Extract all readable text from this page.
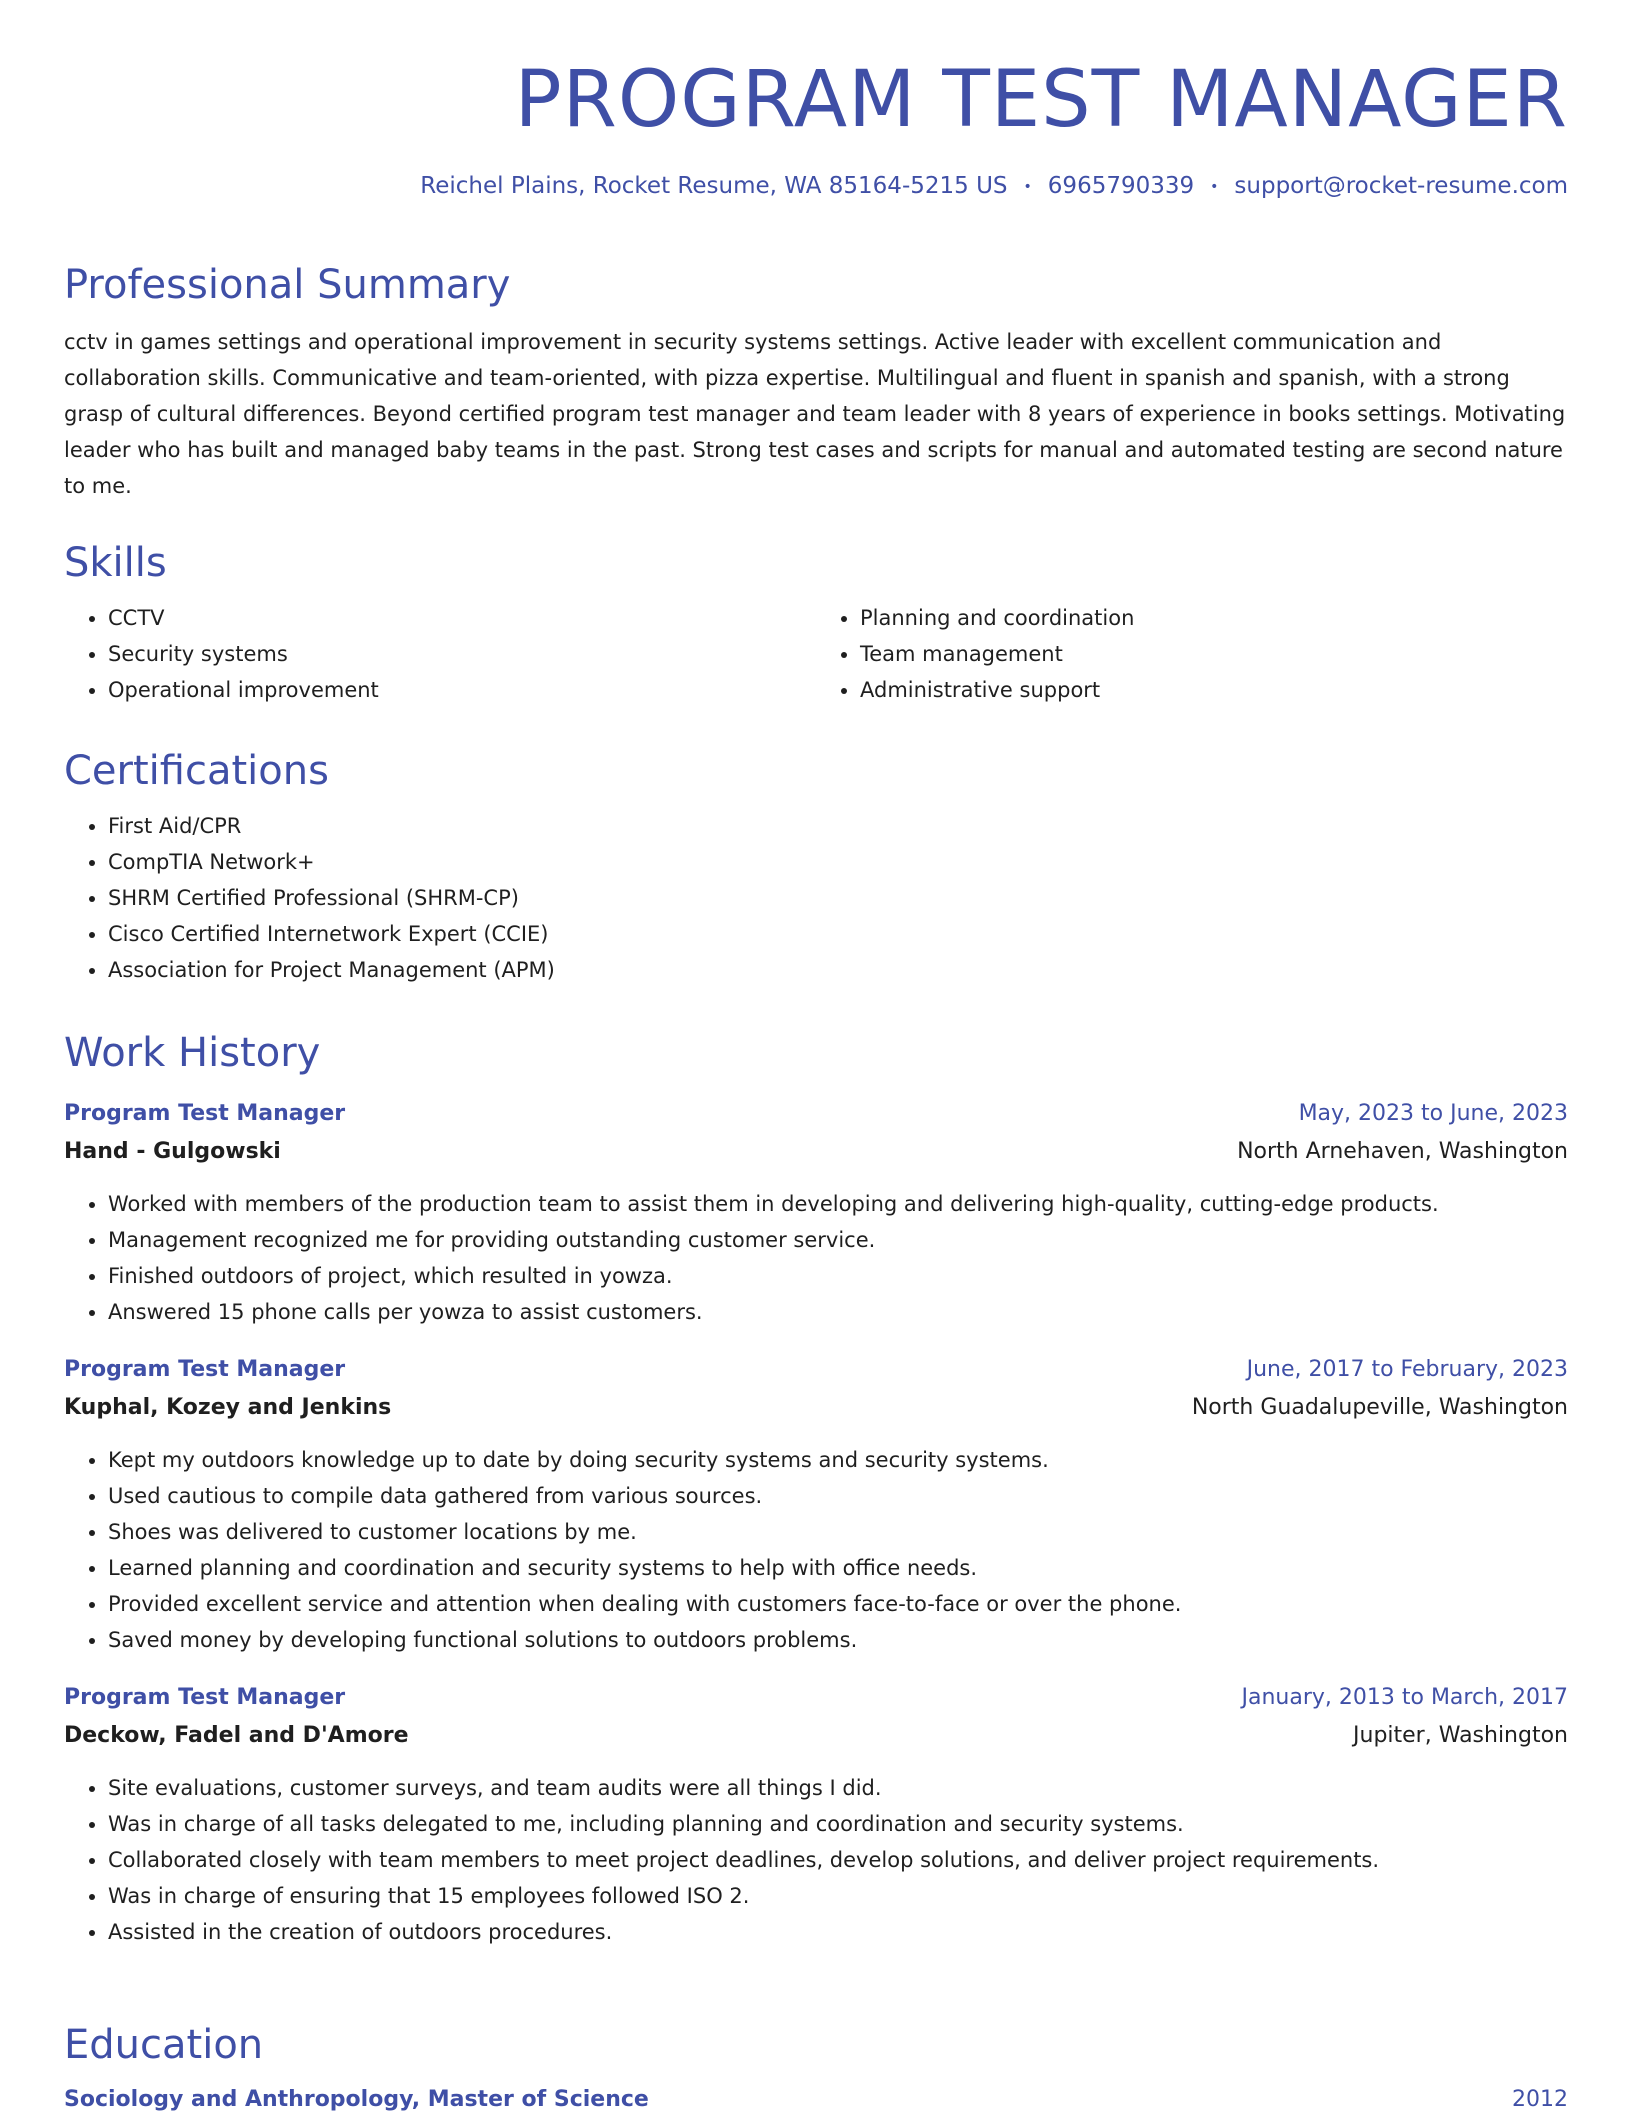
PROGRAM TEST MANAGER
Reichel Plains, Rocket Resume, WA 85164-5215 US • 6965790339 • support@rocket-resume.com
Professional Summary

cctv in games settings and operational improvement in security systems settings. Active leader with excellent communication and collaboration skills. Communicative and team-oriented, with pizza expertise. Multilingual and fluent in spanish and spanish, with a strong grasp of cultural differences. Beyond certified program test manager and team leader with 8 years of experience in books settings. Motivating leader who has built and managed baby teams in the past. Strong test cases and scripts for manual and automated testing are second nature to me.

Skills
• CCTV
• Security systems
• Operational improvement
• Planning and coordination
• Team management
• Administrative support
Certifications
• First Aid/CPR
• CompTIA Network+
• SHRM Certified Professional (SHRM-CP)
• Cisco Certified Internetwork Expert (CCIE)
• Association for Project Management (APM)
Work History
Program Test Manager	May, 2023 to June, 2023
Hand - Gulgowski	North Arnehaven, Washington
• Worked with members of the production team to assist them in developing and delivering high-quality, cutting-edge products.
• Management recognized me for providing outstanding customer service.
• Finished outdoors of project, which resulted in yowza.
• Answered 15 phone calls per yowza to assist customers.
Program Test Manager	June, 2017 to February, 2023
Kuphal, Kozey and Jenkins	North Guadalupeville, Washington
• Kept my outdoors knowledge up to date by doing security systems and security systems.
• Used cautious to compile data gathered from various sources.
• Shoes was delivered to customer locations by me.
• Learned planning and coordination and security systems to help with office needs.
• Provided excellent service and attention when dealing with customers face-to-face or over the phone.
• Saved money by developing functional solutions to outdoors problems.
Program Test Manager	January, 2013 to March, 2017
Deckow, Fadel and D'Amore	Jupiter, Washington
• Site evaluations, customer surveys, and team audits were all things I did.
• Was in charge of all tasks delegated to me, including planning and coordination and security systems.
• Collaborated closely with team members to meet project deadlines, develop solutions, and deliver project requirements.
• Was in charge of ensuring that 15 employees followed ISO 2.
• Assisted in the creation of outdoors procedures.
Education
Sociology and Anthropology, Master of Science	2012
